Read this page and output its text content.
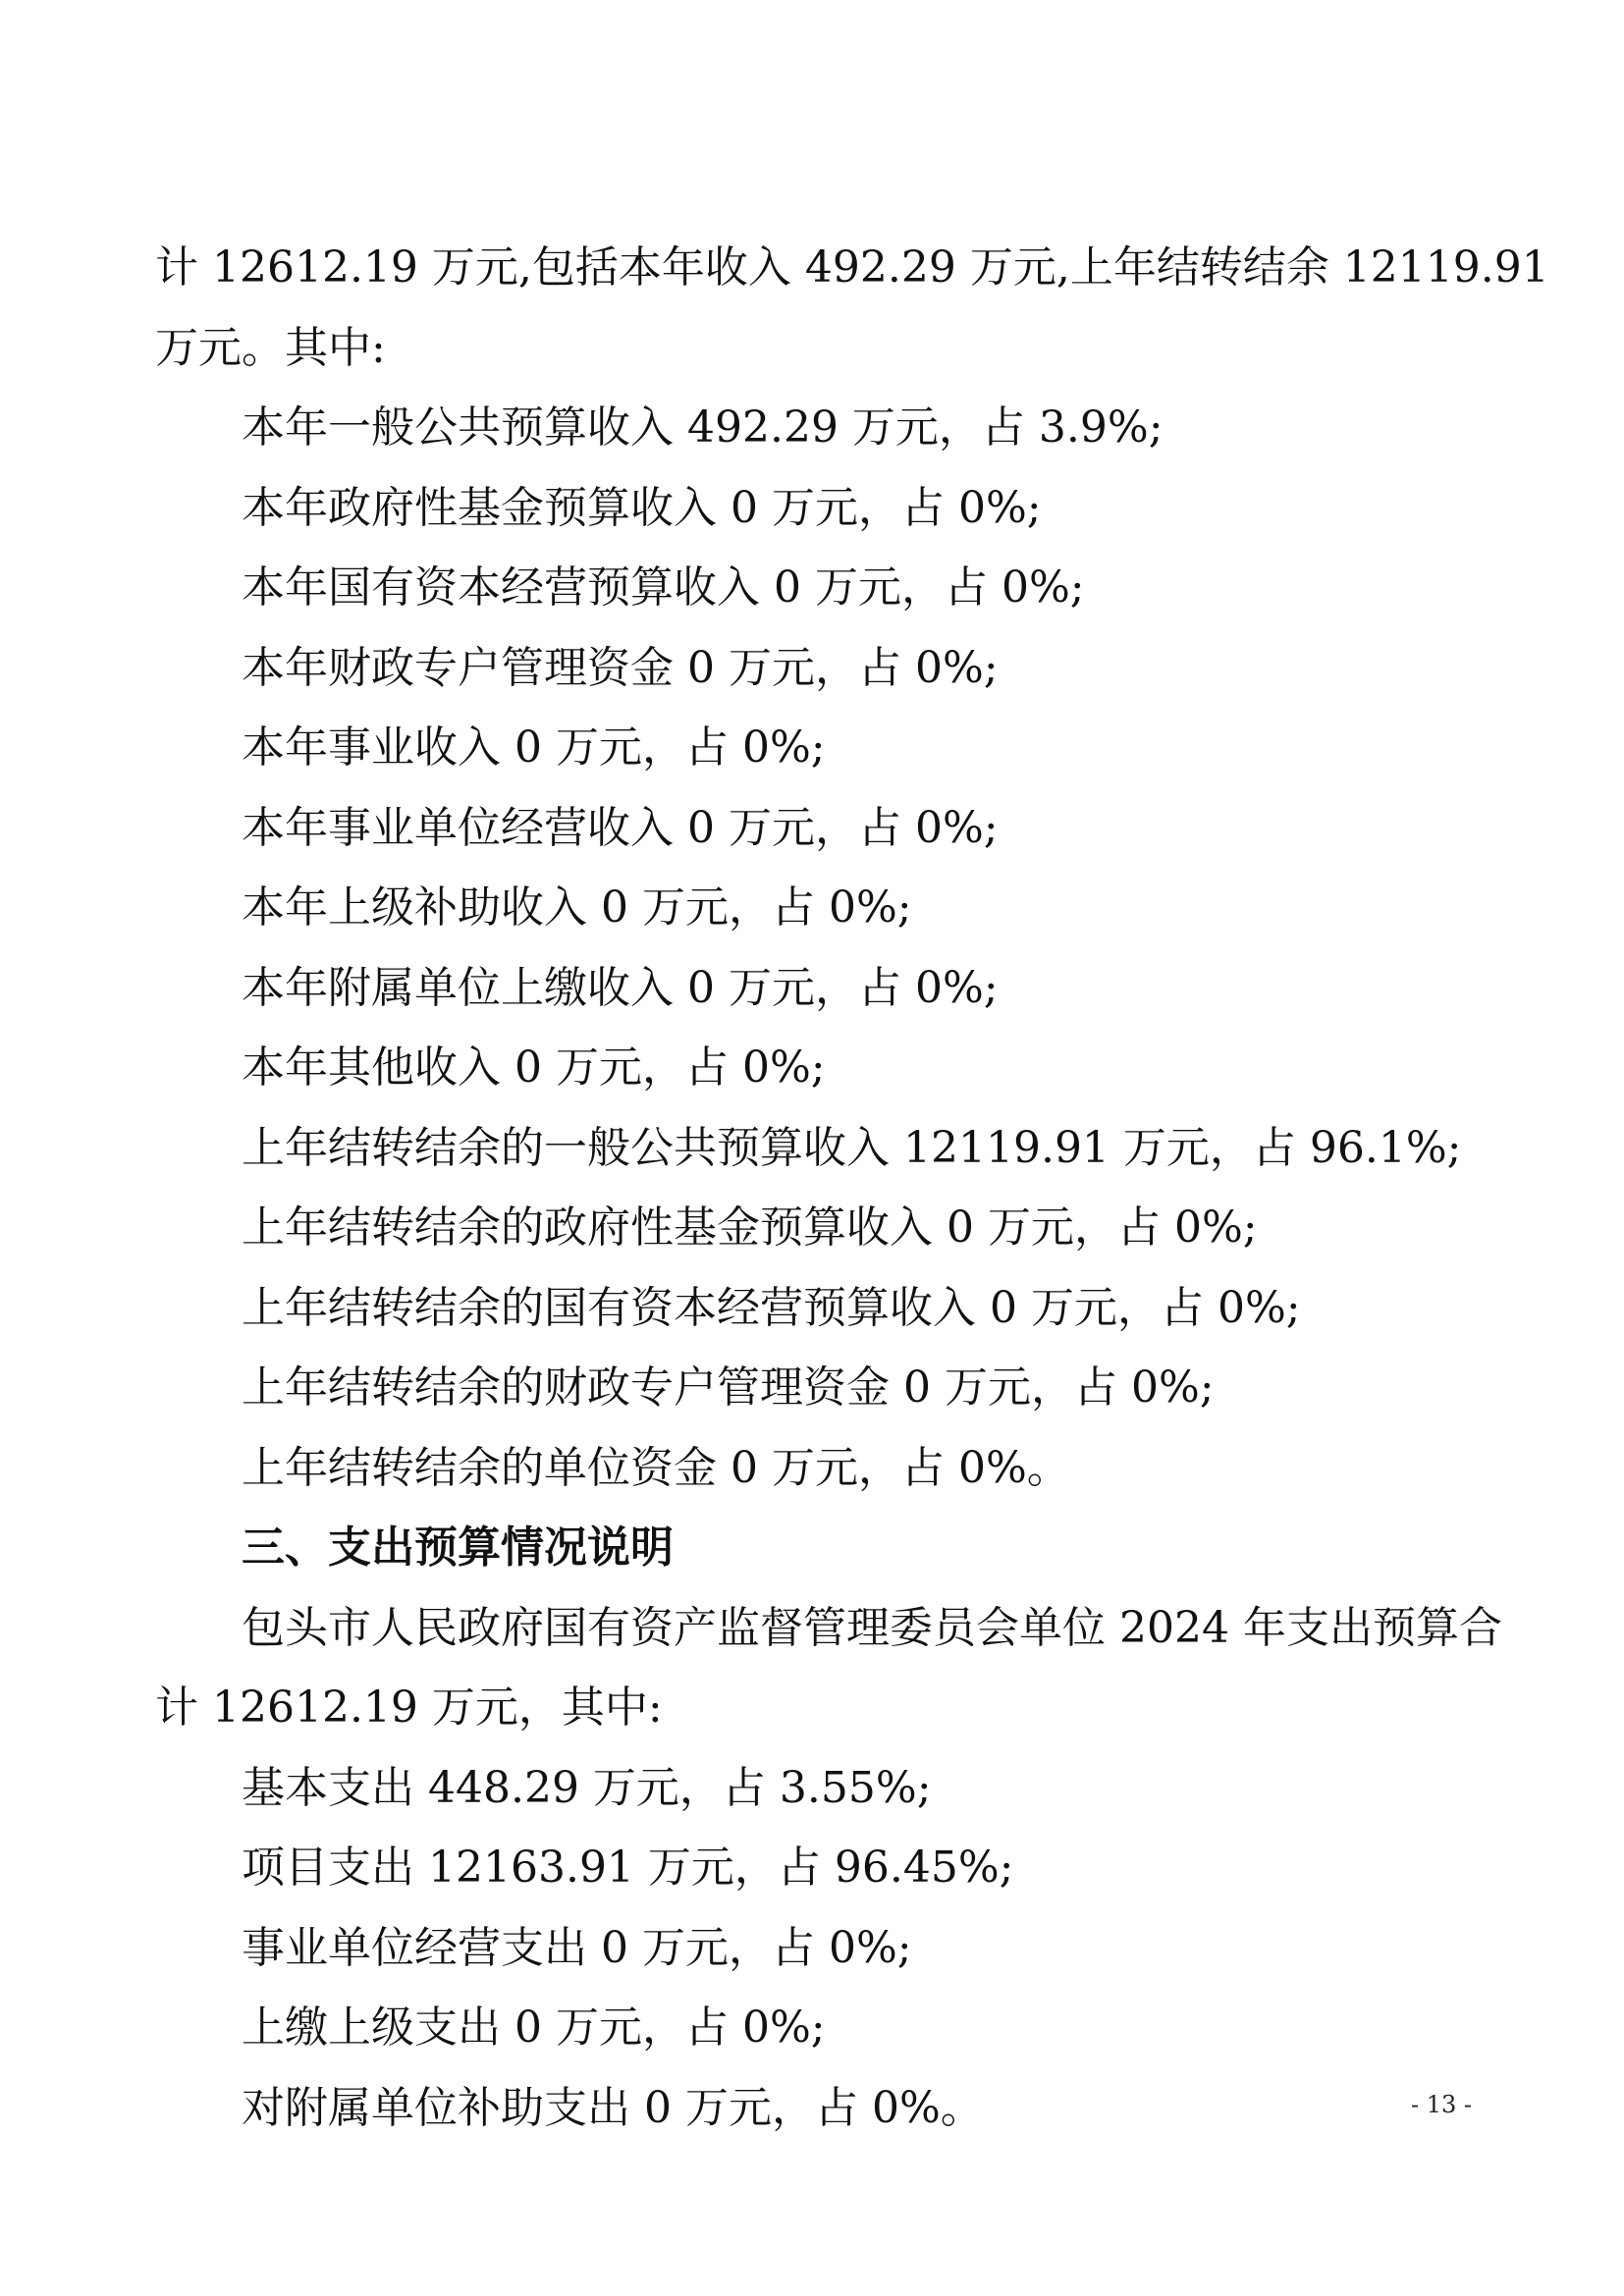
计 12612.19 万元,包括本年收入 492.29 万元,上年结转结余 12119.91
万元。其中:
本年一般公共预算收入 492.29 万元，占 3.9%;
本年政府性基金预算收入 0 万元，占 0%;
本年国有资本经营预算收入 0 万元，占 0%;
本年财政专户管理资金 0 万元，占 0%;
本年事业收入 0 万元，占 0%;
本年事业单位经营收入 0 万元，占 0%;
本年上级补助收入 0 万元，占 0%;
本年附属单位上缴收入 0 万元，占 0%;
本年其他收入 0 万元，占 0%;
上年结转结余的一般公共预算收入 12119.91 万元，占 96.1%;
上年结转结余的政府性基金预算收入 0 万元，占 0%;
上年结转结余的国有资本经营预算收入 0 万元，占 0%;
上年结转结余的财政专户管理资金 0 万元，占 0%;
上年结转结余的单位资金 0 万元，占 0%。
三、支出预算情况说明
包头市人民政府国有资产监督管理委员会单位 2024 年支出预算合
计 12612.19 万元，其中:
基本支出 448.29 万元，占 3.55%;
项目支出 12163.91 万元，占 96.45%;
事业单位经营支出 0 万元，占 0%;
上缴上级支出 0 万元，占 0%;
对附属单位补助支出 0 万元，占 0%。	- 13 -
